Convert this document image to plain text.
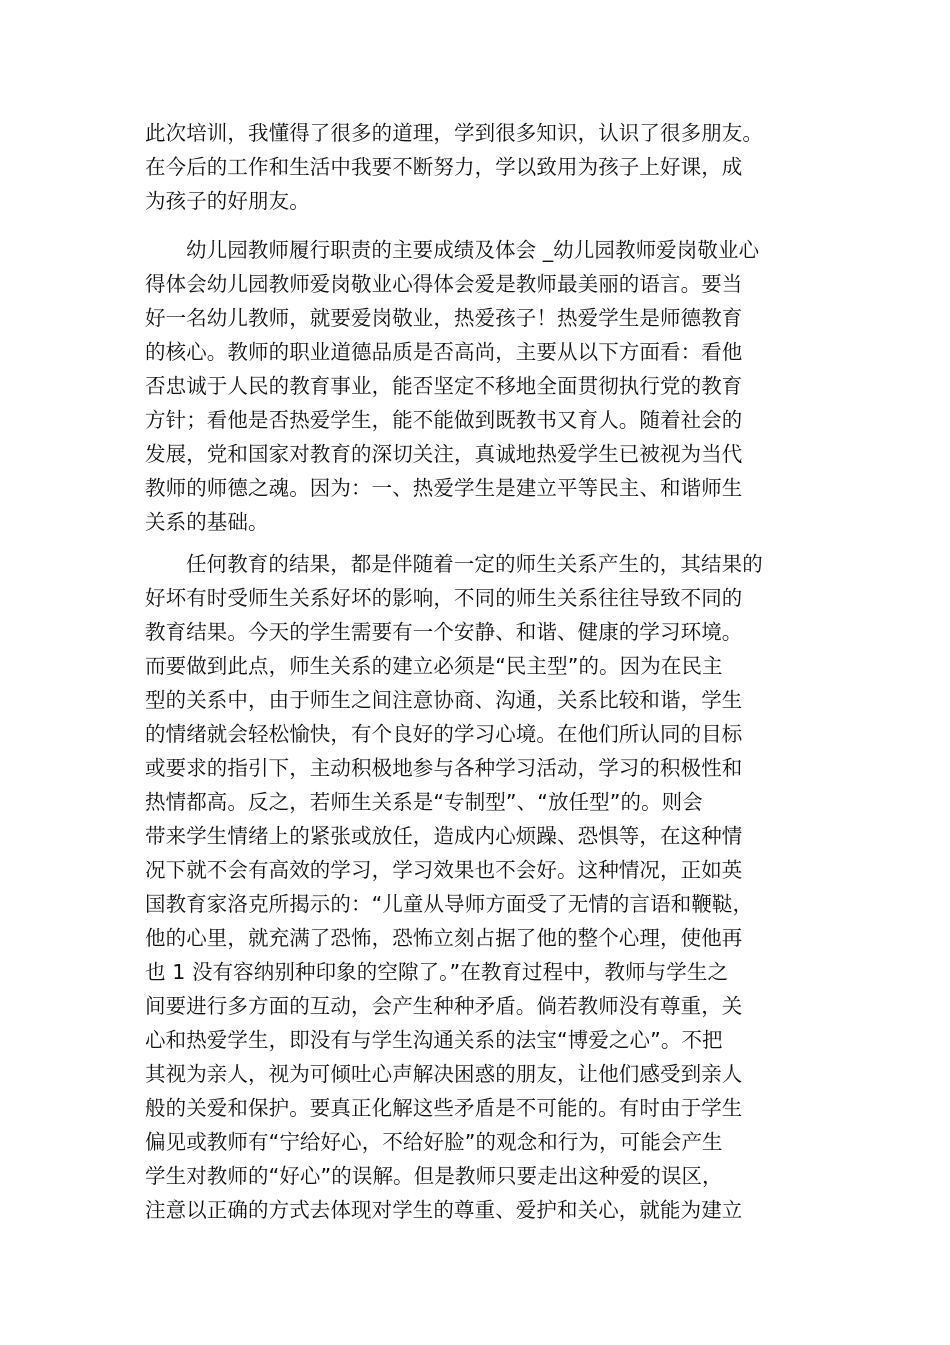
此次培训，我懂得了很多的道理，学到很多知识，认识了很多朋友。
在今后的工作和生活中我要不断努力，学以致用为孩子上好课，成
为孩子的好朋友。
幼儿园教师履行职责的主要成绩及体会 _幼儿园教师爱岗敬业心
得体会幼儿园教师爱岗敬业心得体会爱是教师最美丽的语言。要当
好一名幼儿教师，就要爱岗敬业，热爱孩子！热爱学生是师德教育
的核心。教师的职业道德品质是否高尚，主要从以下方面看：看他
否忠诚于人民的教育事业，能否坚定不移地全面贯彻执行党的教育
方针；看他是否热爱学生，能不能做到既教书又育人。随着社会的
发展，党和国家对教育的深切关注，真诚地热爱学生已被视为当代
教师的师德之魂。因为：一、热爱学生是建立平等民主、和谐师生
关系的基础。
任何教育的结果，都是伴随着一定的师生关系产生的，其结果的
好坏有时受师生关系好坏的影响，不同的师生关系往往导致不同的
教育结果。今天的学生需要有一个安静、和谐、健康的学习环境。
而要做到此点，师生关系的建立必须是“民主型”的。因为在民主
型的关系中，由于师生之间注意协商、沟通，关系比较和谐，学生
的情绪就会轻松愉快，有个良好的学习心境。在他们所认同的目标
或要求的指引下，主动积极地参与各种学习活动，学习的积极性和
热情都高。反之，若师生关系是“专制型”、“放任型”的。则会
带来学生情绪上的紧张或放任，造成内心烦躁、恐惧等，在这种情
况下就不会有高效的学习，学习效果也不会好。这种情况，正如英
国教育家洛克所揭示的：“儿童从导师方面受了无情的言语和鞭鞑，
他的心里，就充满了恐怖，恐怖立刻占据了他的整个心理，使他再
也 1 没有容纳别种印象的空隙了。”在教育过程中，教师与学生之
间要进行多方面的互动，会产生种种矛盾。倘若教师没有尊重，关
心和热爱学生，即没有与学生沟通关系的法宝“博爱之心”。不把
其视为亲人，视为可倾吐心声解决困惑的朋友，让他们感受到亲人
般的关爱和保护。要真正化解这些矛盾是不可能的。有时由于学生
偏见或教师有“宁给好心，不给好脸”的观念和行为，可能会产生
学生对教师的“好心”的误解。但是教师只要走出这种爱的误区，
注意以正确的方式去体现对学生的尊重、爱护和关心，就能为建立
